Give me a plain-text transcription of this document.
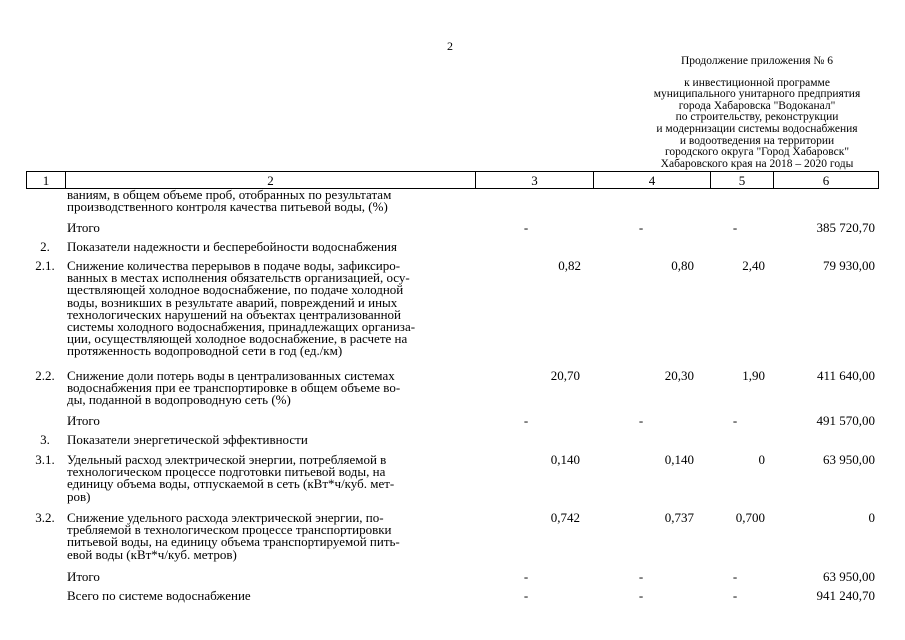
2
Продолжение приложения № 6
к инвестиционной программе
муниципального унитарного предприятия
города Хабаровска "Водоканал"
по строительству, реконструкции
и модернизации системы водоснабжения
и водоотведения на территории
городского округа "Город Хабаровск"
Хабаровского края на 2018 – 2020 годы
1	2	3	4	5	6
ваниям, в общем объеме проб, отобранных по результатам
производственного контроля качества питьевой воды, (%)
Итого	-	-	-	385 720,70
2.	Показатели надежности и бесперебойности водоснабжения
2.1. Снижение количества перерывов в подаче воды, зафиксиро-
ванных в местах исполнения обязательств организацией, осу-
ществляющей холодное водоснабжение, по подаче холодной
воды, возникших в результате аварий, повреждений и иных
технологических нарушений на объектах централизованной
системы холодного водоснабжения, принадлежащих организа-
ции, осуществляющей холодное водоснабжение, в расчете на
протяженность водопроводной сети в год (ед./км)
0,82	0,80	2,40	79 930,00
2.2. Снижение доли потерь воды в централизованных системах
водоснабжения при ее транспортировке в общем объеме во-
ды, поданной в водопроводную сеть (%)
20,70	20,30	1,90	411 640,00
Итого	-	-	-	491 570,00
3.	Показатели энергетической эффективности
3.1. Удельный расход электрической энергии, потребляемой в
технологическом процессе подготовки питьевой воды, на
единицу объема воды, отпускаемой в сеть (кВт*ч/куб. мет-
ров)
0,140	0,140	0	63 950,00
3.2. Снижение удельного расхода электрической энергии, по-
требляемой в технологическом процессе транспортировки
питьевой воды, на единицу объема транспортируемой пить-
евой воды (кВт*ч/куб. метров)
0,742	0,737	0,700	0
Итого	-	-	-	63 950,00
Всего по системе водоснабжение	-	-	-	941 240,70
